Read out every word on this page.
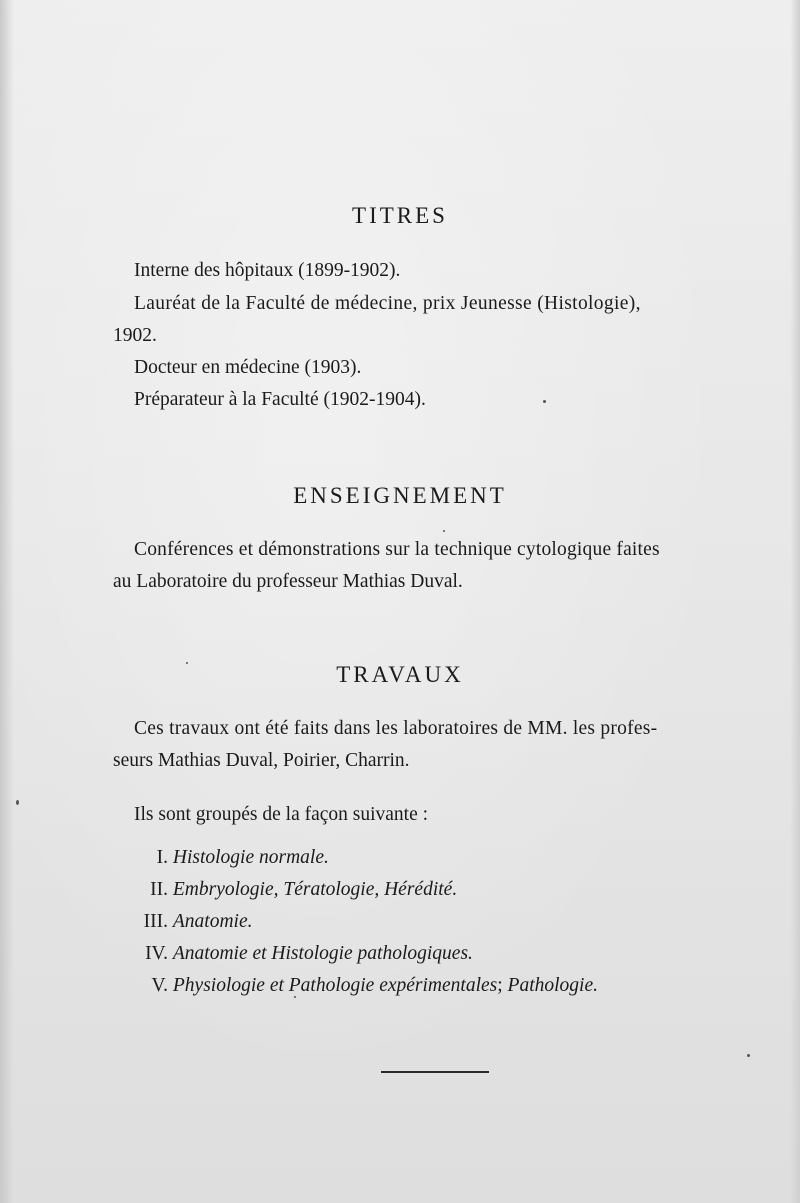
TITRES

Interne des hôpitaux (1899-1902).

Lauréat de la Faculté de médecine, prix Jeunesse (Histologie),

1902.

Docteur en médecine (1903).

Préparateur à la Faculté (1902-1904).

ENSEIGNEMENT

Conférences et démonstrations sur la technique cytologique faites

au Laboratoire du professeur Mathias Duval.

TRAVAUX

Ces travaux ont été faits dans les laboratoires de MM. les profes-

seurs Mathias Duval, Poirier, Charrin.

Ils sont groupés de la façon suivante :

I. Histologie normale.
II. Embryologie, Tératologie, Hérédité.
III. Anatomie.
IV. Anatomie et Histologie pathologiques.
V. Physiologie et Pathologie expérimentales; Pathologie.
